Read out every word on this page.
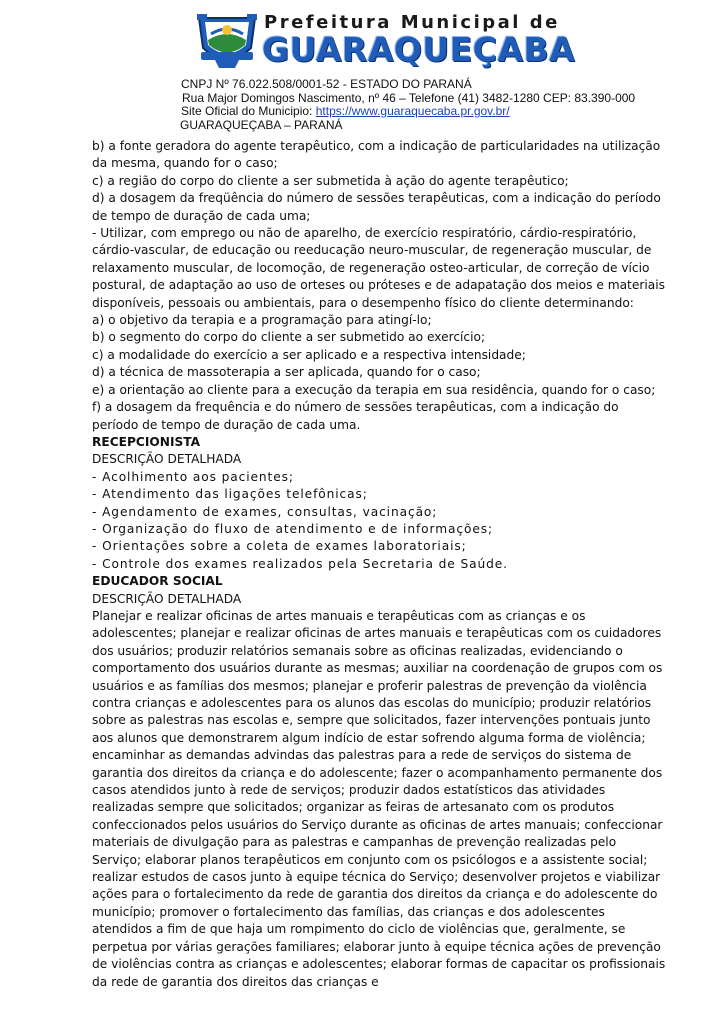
Prefeitura Municipal de
GUARAQUEÇABA
CNPJ Nº 76.022.508/0001-52 - ESTADO DO PARANÁ
Rua Major Domingos Nascimento, nº 46 – Telefone (41) 3482-1280 CEP: 83.390-000
Site Oficial do Municipio: https://www.guaraquecaba.pr.gov.br/
GUARAQUEÇABA – PARANÁ

b) a fonte geradora do agente terapêutico, com a indicação de particularidades na utilização da mesma, quando for o caso;

c) a região do corpo do cliente a ser submetida à ação do agente terapêutico;

d) a dosagem da freqüência do número de sessões terapêuticas, com a indicação do período de tempo de duração de cada uma;

- Utilizar, com emprego ou não de aparelho, de exercício respiratório, cárdio-respiratório, cárdio-vascular, de educação ou reeducação neuro-muscular, de regeneração muscular, de relaxamento muscular, de locomoção, de regeneração osteo-articular, de correção de vício postural, de adaptação ao uso de orteses ou próteses e de adapatação dos meios e materiais disponíveis, pessoais ou ambientais, para o desempenho físico do cliente determinando:

a) o objetivo da terapia e a programação para atingí-lo;

b) o segmento do corpo do cliente a ser submetido ao exercício;

c) a modalidade do exercício a ser aplicado e a respectiva intensidade;

d) a técnica de massoterapia a ser aplicada, quando for o caso;

e) a orientação ao cliente para a execução da terapia em sua residência, quando for o caso;

f) a dosagem da frequência e do número de sessões terapêuticas, com a indicação do período de tempo de duração de cada uma.

RECEPCIONISTA

DESCRIÇÃO DETALHADA

- Acolhimento aos pacientes;

- Atendimento das ligações telefônicas;

- Agendamento de exames, consultas, vacinação;

- Organização do fluxo de atendimento e de informações;

- Orientações sobre a coleta de exames laboratoriais;

- Controle dos exames realizados pela Secretaria de Saúde.

EDUCADOR SOCIAL

DESCRIÇÃO DETALHADA

Planejar e realizar oficinas de artes manuais e terapêuticas com as crianças e os adolescentes; planejar e realizar oficinas de artes manuais e terapêuticas com os cuidadores dos usuários; produzir relatórios semanais sobre as oficinas realizadas, evidenciando o comportamento dos usuários durante as mesmas; auxiliar na coordenação de grupos com os usuários e as famílias dos mesmos; planejar e proferir palestras de prevenção da violência contra crianças e adolescentes para os alunos das escolas do município; produzir relatórios sobre as palestras nas escolas e, sempre que solicitados, fazer intervenções pontuais junto aos alunos que demonstrarem algum indício de estar sofrendo alguma forma de violência; encaminhar as demandas advindas das palestras para a rede de serviços do sistema de garantia dos direitos da criança e do adolescente; fazer o acompanhamento permanente dos casos atendidos junto à rede de serviços; produzir dados estatísticos das atividades realizadas sempre que solicitados; organizar as feiras de artesanato com os produtos confeccionados pelos usuários do Serviço durante as oficinas de artes manuais; confeccionar materiais de divulgação para as palestras e campanhas de prevenção realizadas pelo Serviço; elaborar planos terapêuticos em conjunto com os psicólogos e a assistente social; realizar estudos de casos junto à equipe técnica do Serviço; desenvolver projetos e viabilizar ações para o fortalecimento da rede de garantia dos direitos da criança e do adolescente do município; promover o fortalecimento das famílias, das crianças e dos adolescentes atendidos a fim de que haja um rompimento do ciclo de violências que, geralmente, se perpetua por várias gerações familiares; elaborar junto à equipe técnica ações de prevenção de violências contra as crianças e adolescentes; elaborar formas de capacitar os profissionais da rede de garantia dos direitos das crianças e
